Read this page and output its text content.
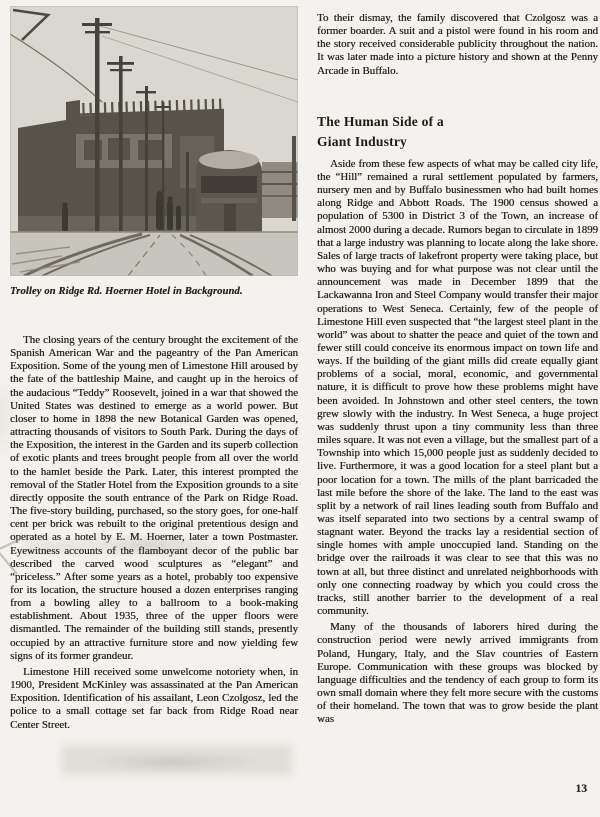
Trolley on Ridge Rd. Hoerner Hotel in Background.

The closing years of the century brought the excitement of the Spanish American War and the pageantry of the Pan American Exposition. Some of the young men of Limestone Hill aroused by the fate of the battleship Maine, and caught up in the heroics of the audacious “Teddy” Roosevelt, joined in a war that showed the United States was destined to emerge as a world power. But closer to home in 1898 the new Botanical Garden was opened, attracting thousands of visitors to South Park. During the days of the Exposition, the interest in the Garden and its superb collection of exotic plants and trees brought people from all over the world to the hamlet beside the Park. Later, this interest prompted the removal of the Statler Hotel from the Exposition grounds to a site directly opposite the south entrance of the Park on Ridge Road. The five-story building, purchased, so the story goes, for one-half cent per brick was rebuilt to the original pretentious design and operated as a hotel by E. M. Hoerner, later a town Postmaster. Eyewitness accounts of the flamboyant decor of the public bar described the carved wood sculptures as “elegant” and “priceless.” After some years as a hotel, probably too expensive for its location, the structure housed a dozen enterprises ranging from a bowling alley to a ballroom to a book-making establishment. About 1935, three of the upper floors were dismantled. The remainder of the building still stands, presently occupied by an attractive furniture store and now yielding few signs of its former grandeur.

Limestone Hill received some unwelcome notoriety when, in 1900, President McKinley was assassinated at the Pan American Exposition. Identification of his assailant, Leon Czolgosz, led the police to a small cottage set far back from Ridge Road near Center Street.

To their dismay, the family discovered that Czolgosz was a former boarder. A suit and a pistol were found in his room and the story received considerable publicity throughout the nation. It was later made into a picture history and shown at the Penny Arcade in Buffalo.

The Human Side of a
Giant Industry

Aside from these few aspects of what may be called city life, the “Hill” remained a rural settlement populated by farmers, nursery men and by Buffalo businessmen who had built homes along Ridge and Abbott Roads. The 1900 census showed a population of 5300 in District 3 of the Town, an increase of almost 2000 during a decade. Rumors began to circulate in 1899 that a large industry was planning to locate along the lake shore. Sales of large tracts of lakefront property were taking place, but who was buying and for what purpose was not clear until the announcement was made in December 1899 that the Lackawanna Iron and Steel Company would transfer their major operations to West Seneca. Certainly, few of the people of Limestone Hill even suspected that “the largest steel plant in the world” was about to shatter the peace and quiet of the town and fewer still could conceive its enormous impact on town life and ways. If the building of the giant mills did create equally giant problems of a social, moral, economic, and governmental nature, it is difficult to prove how these problems might have been avoided. In Johnstown and other steel centers, the town grew slowly with the industry. In West Seneca, a huge project was suddenly thrust upon a tiny community less than three miles square. It was not even a village, but the smallest part of a Township into which 15,000 people just as suddenly decided to live. Furthermore, it was a good location for a steel plant but a poor location for a town. The mills of the plant barricaded the last mile before the shore of the lake. The land to the east was split by a network of rail lines leading south from Buffalo and was itself separated into two sections by a central swamp of stagnant water. Beyond the tracks lay a residential section of single homes with ample unoccupied land. Standing on the bridge over the railroads it was clear to see that this was no town at all, but three distinct and unrelated neighborhoods with only one connecting roadway by which you could cross the tracks, still another barrier to the development of a real community.

Many of the thousands of laborers hired during the construction period were newly arrived immigrants from Poland, Hungary, Italy, and the Slav countries of Eastern Europe. Communication with these groups was blocked by language difficulties and the tendency of each group to form its own small domain where they felt more secure with the customs of their homeland. The town that was to grow beside the plant was

13
